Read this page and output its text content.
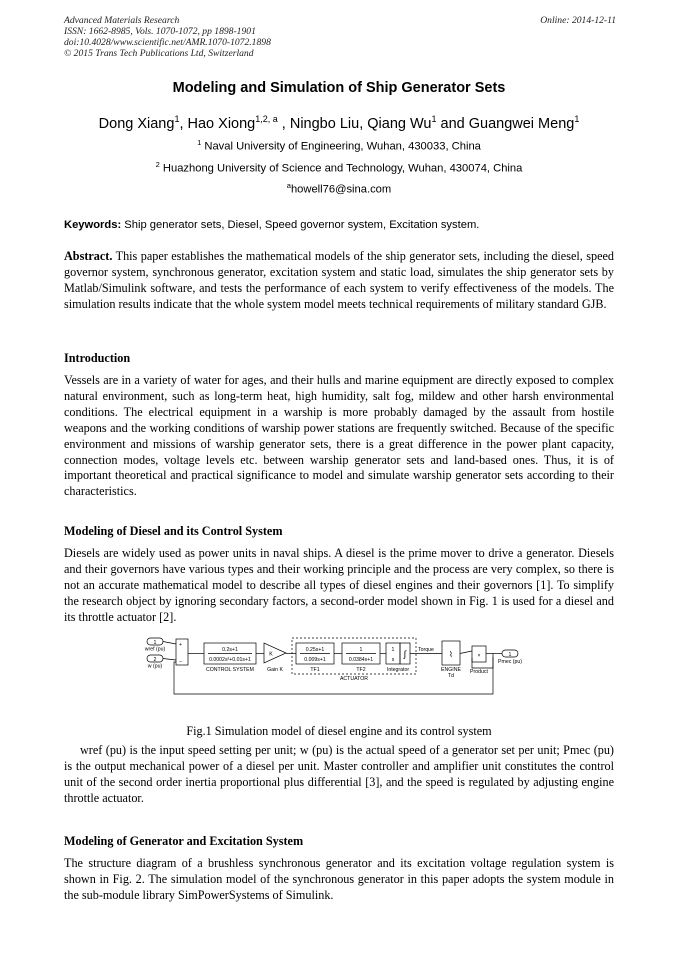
Advanced Materials Research
ISSN: 1662-8985, Vols. 1070-1072, pp 1898-1901
doi:10.4028/www.scientific.net/AMR.1070-1072.1898
© 2015 Trans Tech Publications Ltd, Switzerland
Online: 2014-12-11
Modeling and Simulation of Ship Generator Sets
Dong Xiang$^1$, Hao Xiong$^{1,2, a}$ , Ningbo Liu, Qiang Wu$^1$ and Guangwei Meng$^1$
$^1$ Naval University of Engineering, Wuhan, 430033, China
$^2$ Huazhong University of Science and Technology, Wuhan, 430074, China
$^a$howell76@sina.com
Keywords: Ship generator sets, Diesel, Speed governor system, Excitation system.
Abstract. This paper establishes the mathematical models of the ship generator sets, including the diesel, speed governor system, synchronous generator, excitation system and static load, simulates the ship generator sets by Matlab/Simulink software, and tests the performance of each system to verify effectiveness of the models. The simulation results indicate that the whole system model meets technical requirements of military standard GJB.
Introduction
Vessels are in a variety of water for ages, and their hulls and marine equipment are directly exposed to complex natural environment, such as long-term heat, high humidity, salt fog, mildew and other harsh environmental conditions. The electrical equipment in a warship is more probably damaged by the assault from hostile weapons and the working conditions of warship power stations are frequently switched. Because of the specific environment and missions of warship generator sets, there is a great difference in the power plant capacity, connection modes, voltage levels etc. between warship generator sets and land-based ones. Thus, it is of important theoretical and practical significance to model and simulate warship generator sets according to their characteristics.
Modeling of Diesel and its Control System
Diesels are widely used as power units in naval ships. A diesel is the prime mover to drive a generator. Diesels and their governors have various types and their working principle and the process are very complex, so there is not an accurate mathematical model to describe all types of diesel engines and their governors [1]. To simplify the research object by ignoring secondary factors, a second-order model shown in Fig. 1 is used for a diesel and its throttle actuator [2].
1
wref (pu)
2
w (pu)
+
−
0.2s+1
0.0002s²+0.01s+1
CONTROL SYSTEM
K
Gain K
0.25s+1
0.009s+1
TF1
1
0.0384s+1
TF2
1
s
∫
Integrator
Torque
ACTUATOR
⌇
ENGINE
Td
×
Product
1
Pmec (pu)
Fig.1 Simulation model of diesel engine and its control system
wref (pu) is the input speed setting per unit; w (pu) is the actual speed of a generator set per unit; Pmec (pu) is the output mechanical power of a diesel per unit. Master controller and amplifier unit constitutes the control unit of the second order inertia proportional plus differential [3], and the speed is regulated by adjusting engine throttle actuator.
Modeling of Generator and Excitation System
The structure diagram of a brushless synchronous generator and its excitation voltage regulation system is shown in Fig. 2. The simulation model of the synchronous generator in this paper adopts the system module in the sub-module library SimPowerSystems of Simulink.
